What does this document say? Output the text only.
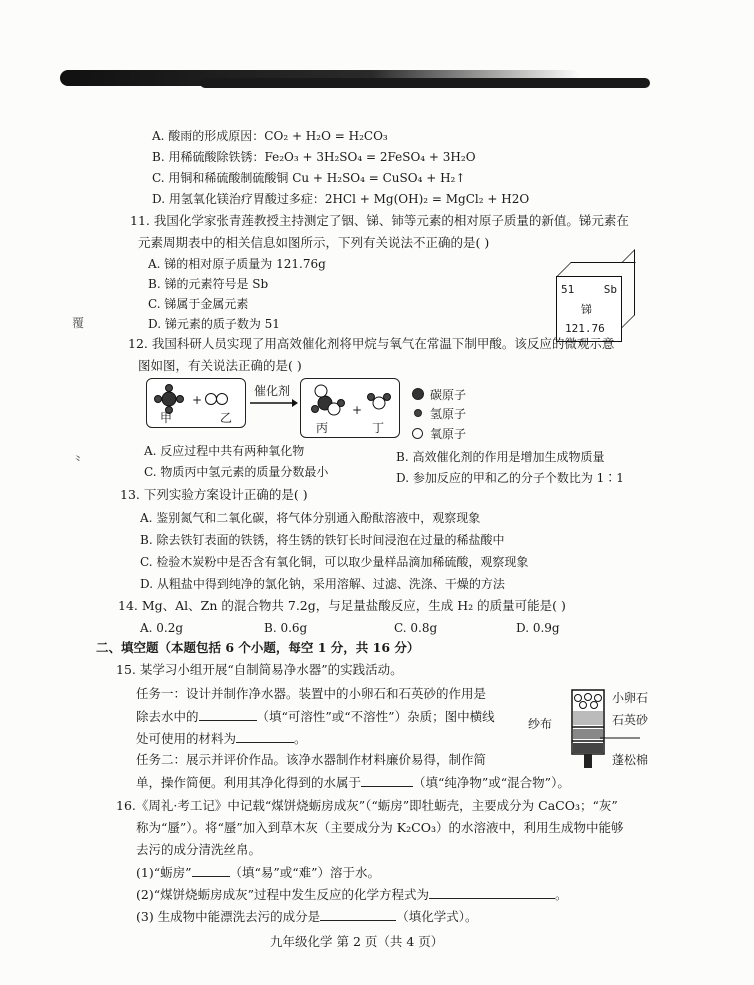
覆
⺀
A. 酸雨的形成原因：CO₂ + H₂O = H₂CO₃
B. 用稀硫酸除铁锈：Fe₂O₃ + 3H₂SO₄ = 2FeSO₄ + 3H₂O
C. 用铜和稀硫酸制硫酸铜 Cu + H₂SO₄ = CuSO₄ + H₂↑
D. 用氢氧化镁治疗胃酸过多症：2HCl + Mg(OH)₂ = MgCl₂ + H2O
11. 我国化学家张青莲教授主持测定了铟、锑、铈等元素的相对原子质量的新值。锑元素在
元素周期表中的相关信息如图所示，下列有关说法不正确的是( )
A. 锑的相对原子质量为 121.76g
B. 锑的元素符号是 Sb
C. 锑属于金属元素
D. 锑元素的质子数为 51
51	Sb
锑
121.76
12. 我国科研人员实现了用高效催化剂将甲烷与氧气在常温下制甲酸。该反应的微观示意
图如图，有关说法正确的是( )
+
甲	乙
催化剂
+
丙	丁
碳原子
氢原子
氧原子
A. 反应过程中共有两种氧化物	B. 高效催化剂的作用是增加生成物质量
C. 物质丙中氢元素的质量分数最小	D. 参加反应的甲和乙的分子个数比为 1∶1
13. 下列实验方案设计正确的是( )
A. 鉴别氮气和二氧化碳，将气体分别通入酚酞溶液中，观察现象
B. 除去铁钉表面的铁锈，将生锈的铁钉长时间浸泡在过量的稀盐酸中
C. 检验木炭粉中是否含有氧化铜，可以取少量样品滴加稀硫酸，观察现象
D. 从粗盐中得到纯净的氯化钠，采用溶解、过滤、洗涤、干燥的方法
14. Mg、Al、Zn 的混合物共 7.2g，与足量盐酸反应，生成 H₂ 的质量可能是( )
A. 0.2g	B. 0.6g	C. 0.8g	D. 0.9g
二、填空题（本题包括 6 个小题，每空 1 分，共 16 分）
15. 某学习小组开展“自制简易净水器”的实践活动。
任务一：设计并制作净水器。装置中的小卵石和石英砂的作用是
除去水中的	（填“可溶性”或“不溶性”）杂质；图中横线
处可使用的材料为	。
任务二：展示并评价作品。该净水器制作材料廉价易得，制作简
单，操作简便。利用其净化得到的水属于	（填“纯净物”或“混合物”）。
小卵石
石英砂
纱布
蓬松棉
16.《周礼·考工记》中记载“煤饼烧蛎房成灰”（“蛎房”即牡蛎壳，主要成分为 CaCO₃；“灰”
称为“蜃”）。将“蜃”加入到草木灰（主要成分为 K₂CO₃）的水溶液中，利用生成物中能够
去污的成分清洗丝帛。
(1)“蛎房”	（填“易”或“难”）溶于水。
(2)“煤饼烧蛎房成灰”过程中发生反应的化学方程式为	。
(3) 生成物中能漂洗去污的成分是	（填化学式）。
九年级化学 第 2 页（共 4 页）
